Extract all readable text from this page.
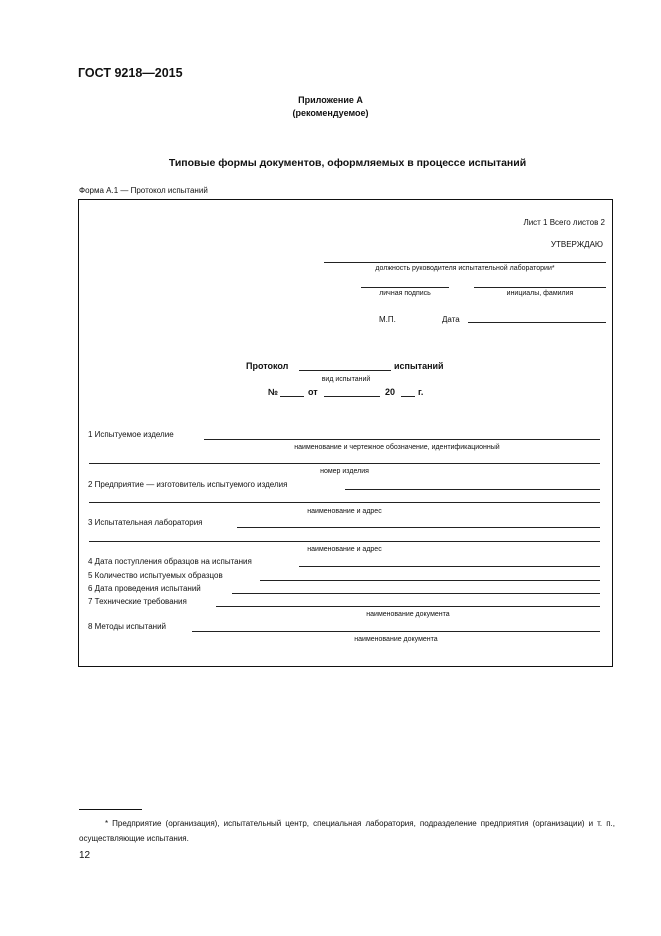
ГОСТ 9218—2015
Приложение А
(рекомендуемое)
Типовые формы документов, оформляемых в процессе испытаний
Форма А.1 — Протокол испытаний
Лист 1 Всего листов 2
УТВЕРЖДАЮ
должность руководителя испытательной лаборатории*
личная подпись	инициалы, фамилия
М.П.	Дата
Протокол	испытаний
вид испытаний
№	от	20	г.
1 Испытуемое изделие
наименование и чертежное обозначение, идентификационный
номер изделия
2 Предприятие — изготовитель испытуемого изделия
наименование и адрес
3 Испытательная лаборатория
наименование и адрес
4 Дата поступления образцов на испытания
5 Количество испытуемых образцов
6 Дата проведения испытаний
7 Технические требования
наименование документа
8 Методы испытаний
наименование документа
* Предприятие (организация), испытательный центр, специальная лаборатория, подразделение предприятия (организации) и т. п., осуществляющие испытания.
12
